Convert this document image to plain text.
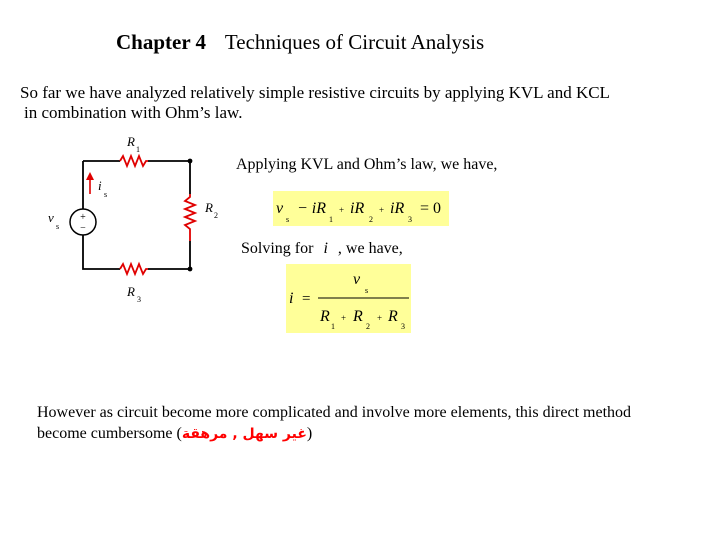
Chapter 4 Techniques of Circuit Analysis
So far we have analyzed relatively simple resistive circuits by applying KVL and KCL
in combination with Ohm’s law.
+
−
R
1
R
2
R
3
i
s
v
s
Applying KVL and Ohm’s law, we have,
v
s
− iR
1
+ iR
2
+ iR
3
= 0
Solving for i , we have,
i =
v
s
R
1
+ R
2
+ R
3
However as circuit become more complicated and involve more elements, this direct method
become cumbersome (غير سهل , مرهقة)
